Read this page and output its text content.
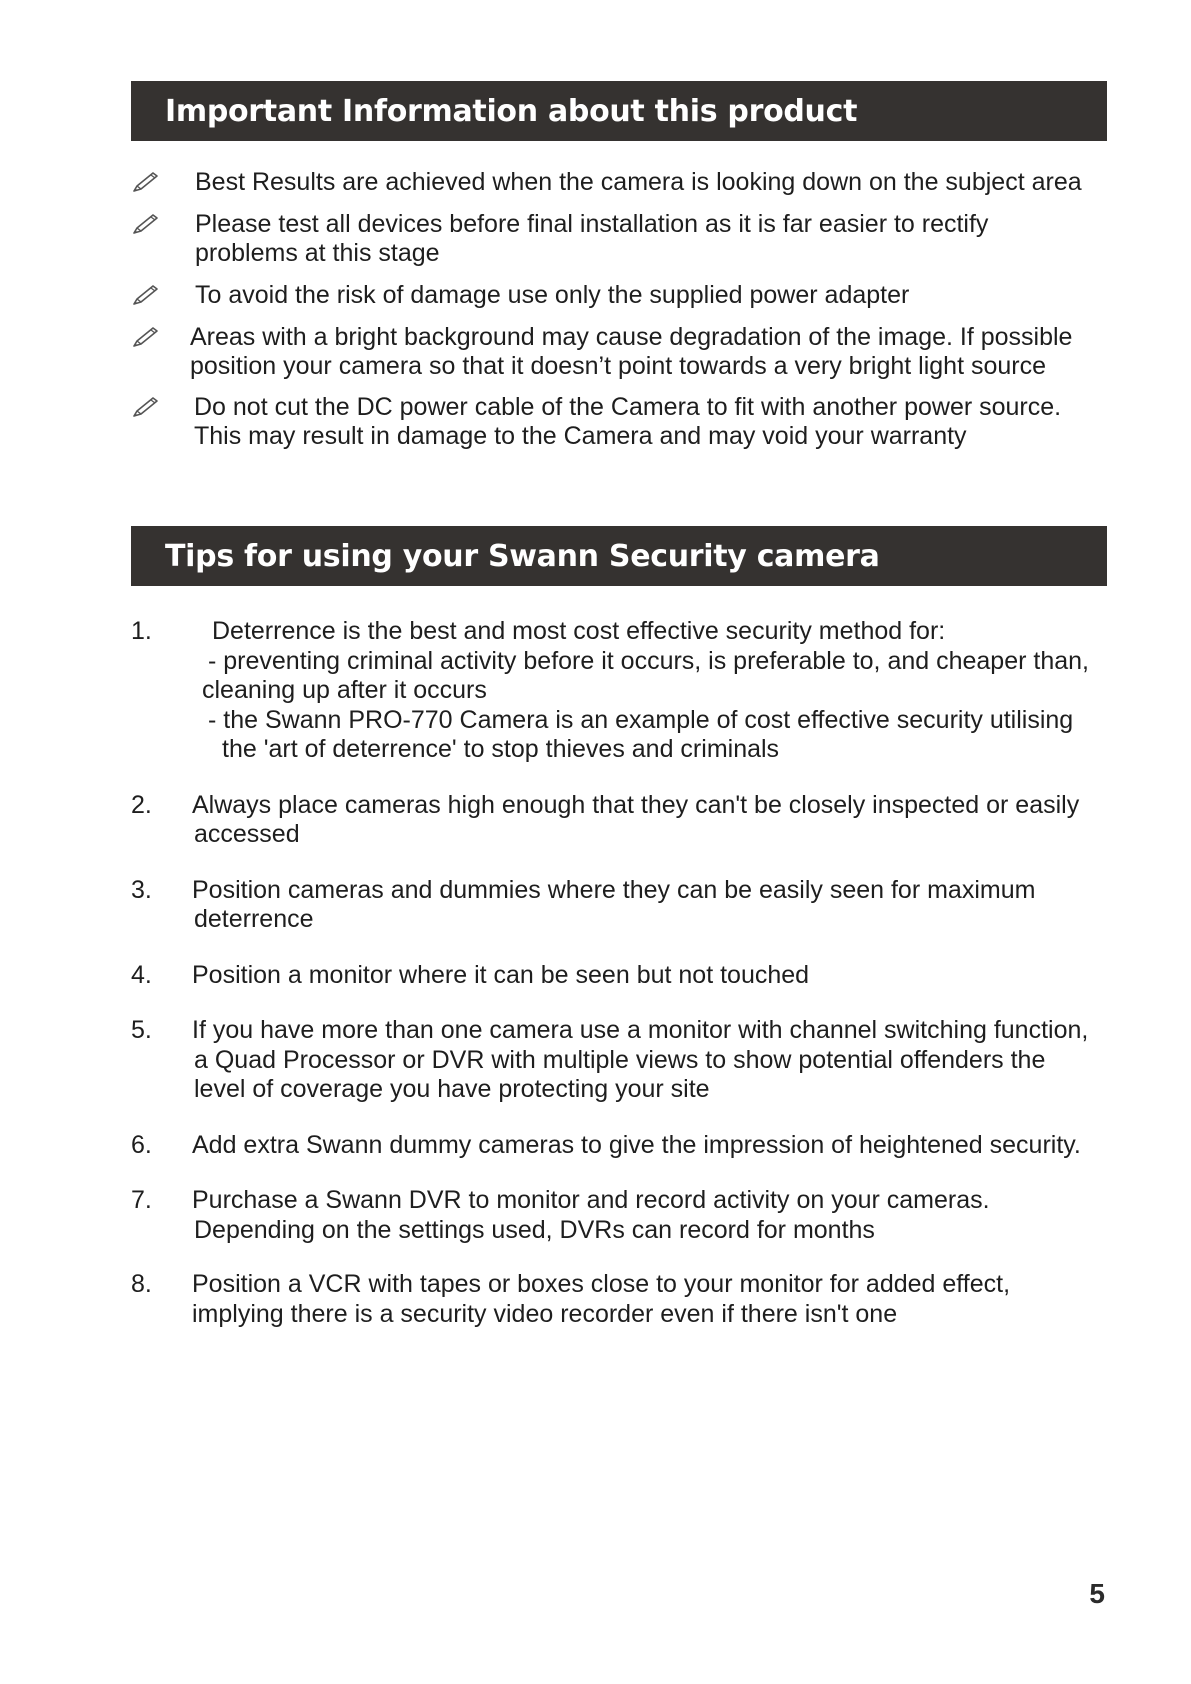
Important Information about this product
Best Results are achieved when the camera is looking down on the subject area
Please test all devices before final installation as it is far easier to rectify
problems at this stage
To avoid the risk of damage use only the supplied power adapter
Areas with a bright background may cause degradation of the image. If possible
position your camera so that it doesn’t point towards a very bright light source
Do not cut the DC power cable of the Camera to fit with another power source.
This may result in damage to the Camera and may void your warranty
Tips for using your Swann Security camera
1. Deterrence is the best and most cost effective security method for:
- preventing criminal activity before it occurs, is preferable to, and cheaper than,
cleaning up after it occurs
- the Swann PRO-770 Camera is an example of cost effective security utilising
the 'art of deterrence' to stop thieves and criminals
2. Always place cameras high enough that they can't be closely inspected or easily
accessed
3. Position cameras and dummies where they can be easily seen for maximum
deterrence
4. Position a monitor where it can be seen but not touched
5. If you have more than one camera use a monitor with channel switching function,
a Quad Processor or DVR with multiple views to show potential offenders the
level of coverage you have protecting your site
6. Add extra Swann dummy cameras to give the impression of heightened security.
7. Purchase a Swann DVR to monitor and record activity on your cameras.
Depending on the settings used, DVRs can record for months
8. Position a VCR with tapes or boxes close to your monitor for added effect,
implying there is a security video recorder even if there isn't one
5
